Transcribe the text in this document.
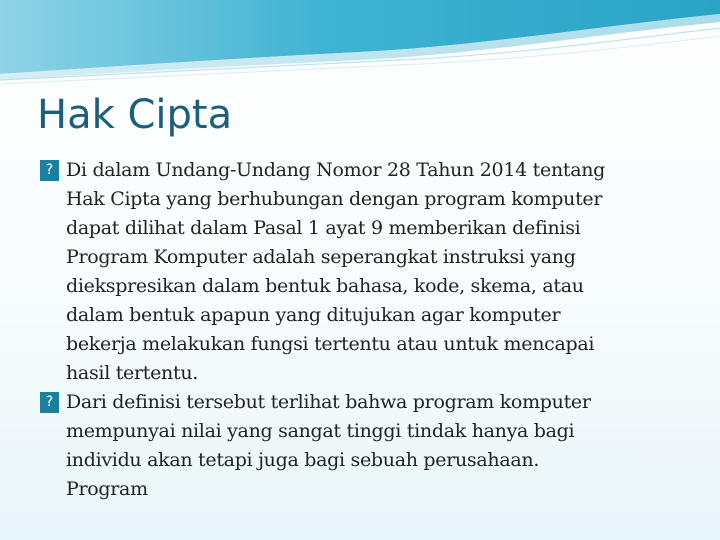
Hak Cipta
? Di dalam Undang-Undang Nomor 28 Tahun 2014 tentang
Hak Cipta yang berhubungan dengan program komputer
dapat dilihat dalam Pasal 1 ayat 9 memberikan definisi
Program Komputer adalah seperangkat instruksi yang
diekspresikan dalam bentuk bahasa, kode, skema, atau
dalam bentuk apapun yang ditujukan agar komputer
bekerja melakukan fungsi tertentu atau untuk mencapai
hasil tertentu.
? Dari definisi tersebut terlihat bahwa program komputer
mempunyai nilai yang sangat tinggi tindak hanya bagi
individu akan tetapi juga bagi sebuah perusahaan.
Program
